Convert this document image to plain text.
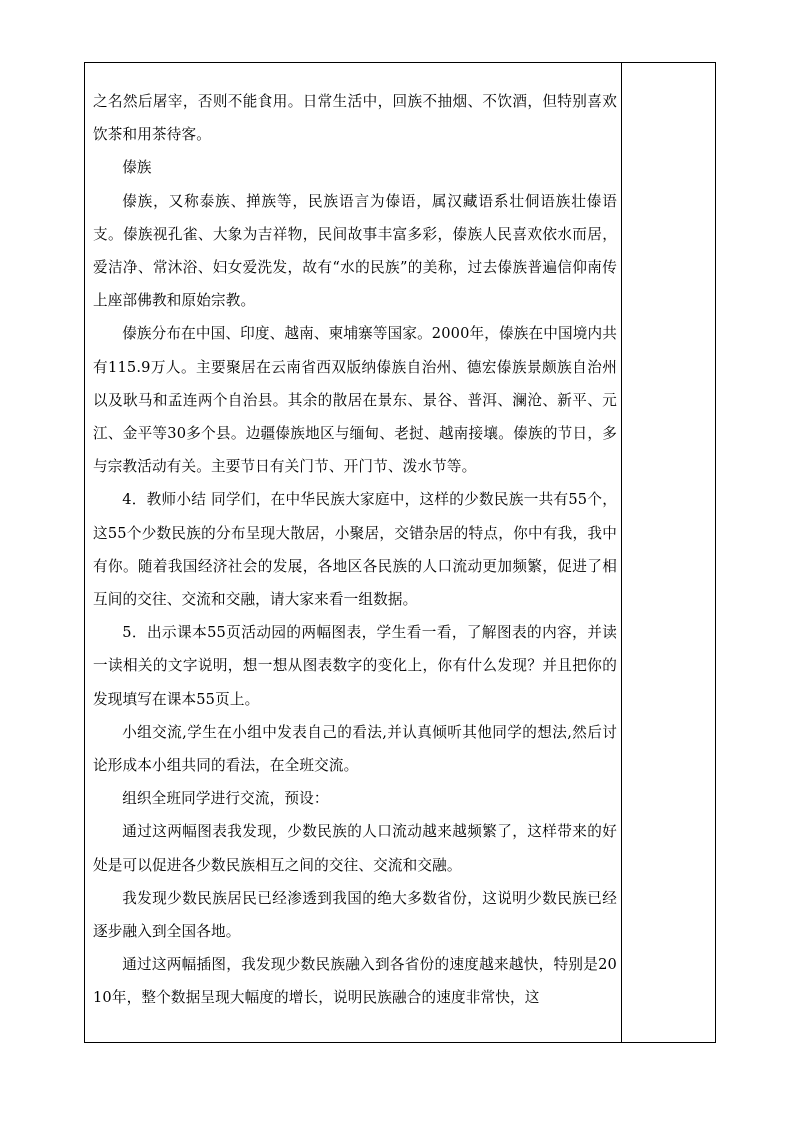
之名然后屠宰，否则不能食用。日常生活中，回族不抽烟、不饮酒，但特别喜欢饮茶和用茶待客。

傣族

傣族，又称泰族、掸族等，民族语言为傣语，属汉藏语系壮侗语族壮傣语支。傣族视孔雀、大象为吉祥物，民间故事丰富多彩，傣族人民喜欢依水而居，爱洁净、常沐浴、妇女爱洗发，故有“水的民族”的美称，过去傣族普遍信仰南传上座部佛教和原始宗教。

傣族分布在中国、印度、越南、柬埔寨等国家。2000年，傣族在中国境内共有115.9万人。主要聚居在云南省西双版纳傣族自治州、德宏傣族景颇族自治州以及耿马和孟连两个自治县。其余的散居在景东、景谷、普洱、澜沧、新平、元江、金平等30多个县。边疆傣族地区与缅甸、老挝、越南接壤。傣族的节日，多与宗教活动有关。主要节日有关门节、开门节、泼水节等。

4．教师小结 同学们，在中华民族大家庭中，这样的少数民族一共有55个，这55个少数民族的分布呈现大散居，小聚居，交错杂居的特点，你中有我，我中有你。随着我国经济社会的发展，各地区各民族的人口流动更加频繁，促进了相互间的交往、交流和交融，请大家来看一组数据。

5．出示课本55页活动园的两幅图表，学生看一看，了解图表的内容，并读一读相关的文字说明，想一想从图表数字的变化上，你有什么发现？并且把你的发现填写在课本55页上。

小组交流,学生在小组中发表自己的看法,并认真倾听其他同学的想法,然后讨论形成本小组共同的看法，在全班交流。

组织全班同学进行交流，预设：

通过这两幅图表我发现，少数民族的人口流动越来越频繁了，这样带来的好处是可以促进各少数民族相互之间的交往、交流和交融。

我发现少数民族居民已经渗透到我国的绝大多数省份，这说明少数民族已经逐步融入到全国各地。

通过这两幅插图，我发现少数民族融入到各省份的速度越来越快，特别是2010年，整个数据呈现大幅度的增长，说明民族融合的速度非常快，这
